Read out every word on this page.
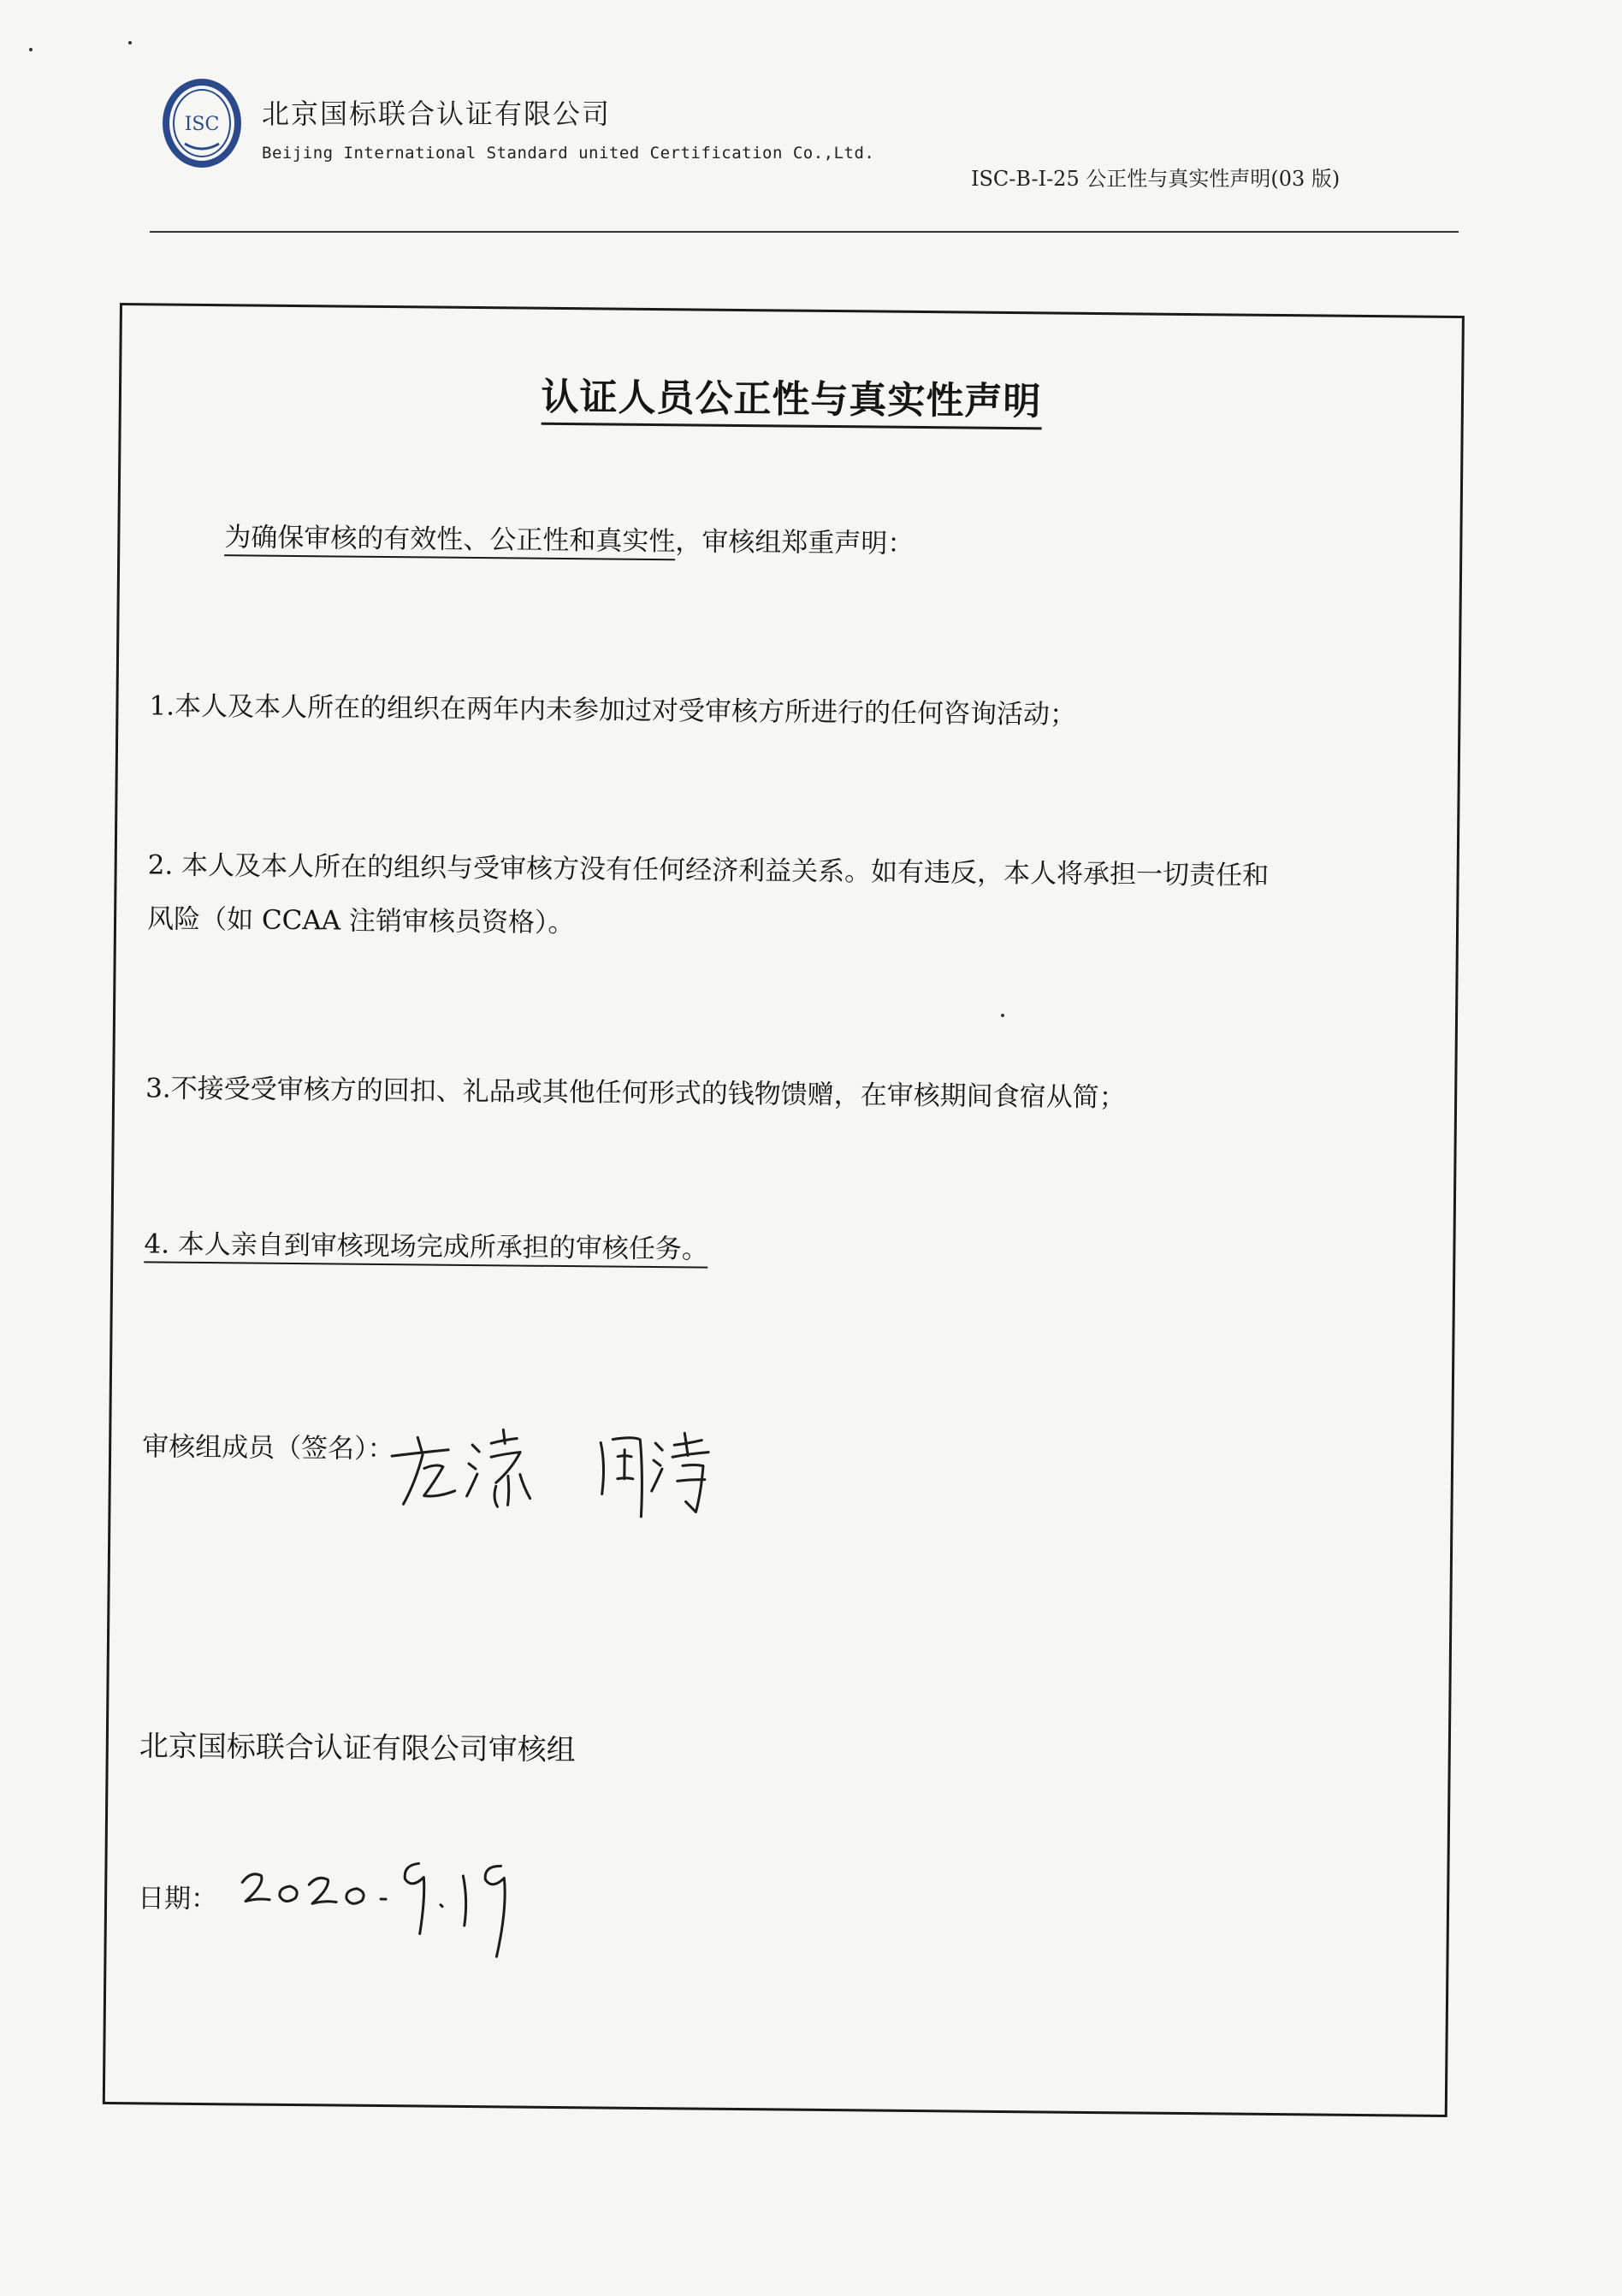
ISC 北京国标联合认证有限公司
Beijing International Standard united Certification Co.,Ltd.
ISC-B-I-25 公正性与真实性声明(03 版)
认证人员公正性与真实性声明
为确保审核的有效性、公正性和真实性，审核组郑重声明：
1.本人及本人所在的组织在两年内未参加过对受审核方所进行的任何咨询活动；
2. 本人及本人所在的组织与受审核方没有任何经济利益关系。如有违反，本人将承担一切责任和
风险（如 CCAA 注销审核员资格）。
3.不接受受审核方的回扣、礼品或其他任何形式的钱物馈赠，在审核期间食宿从简；
4. 本人亲自到审核现场完成所承担的审核任务。
审核组成员（签名）：
北京国标联合认证有限公司审核组
日期：
